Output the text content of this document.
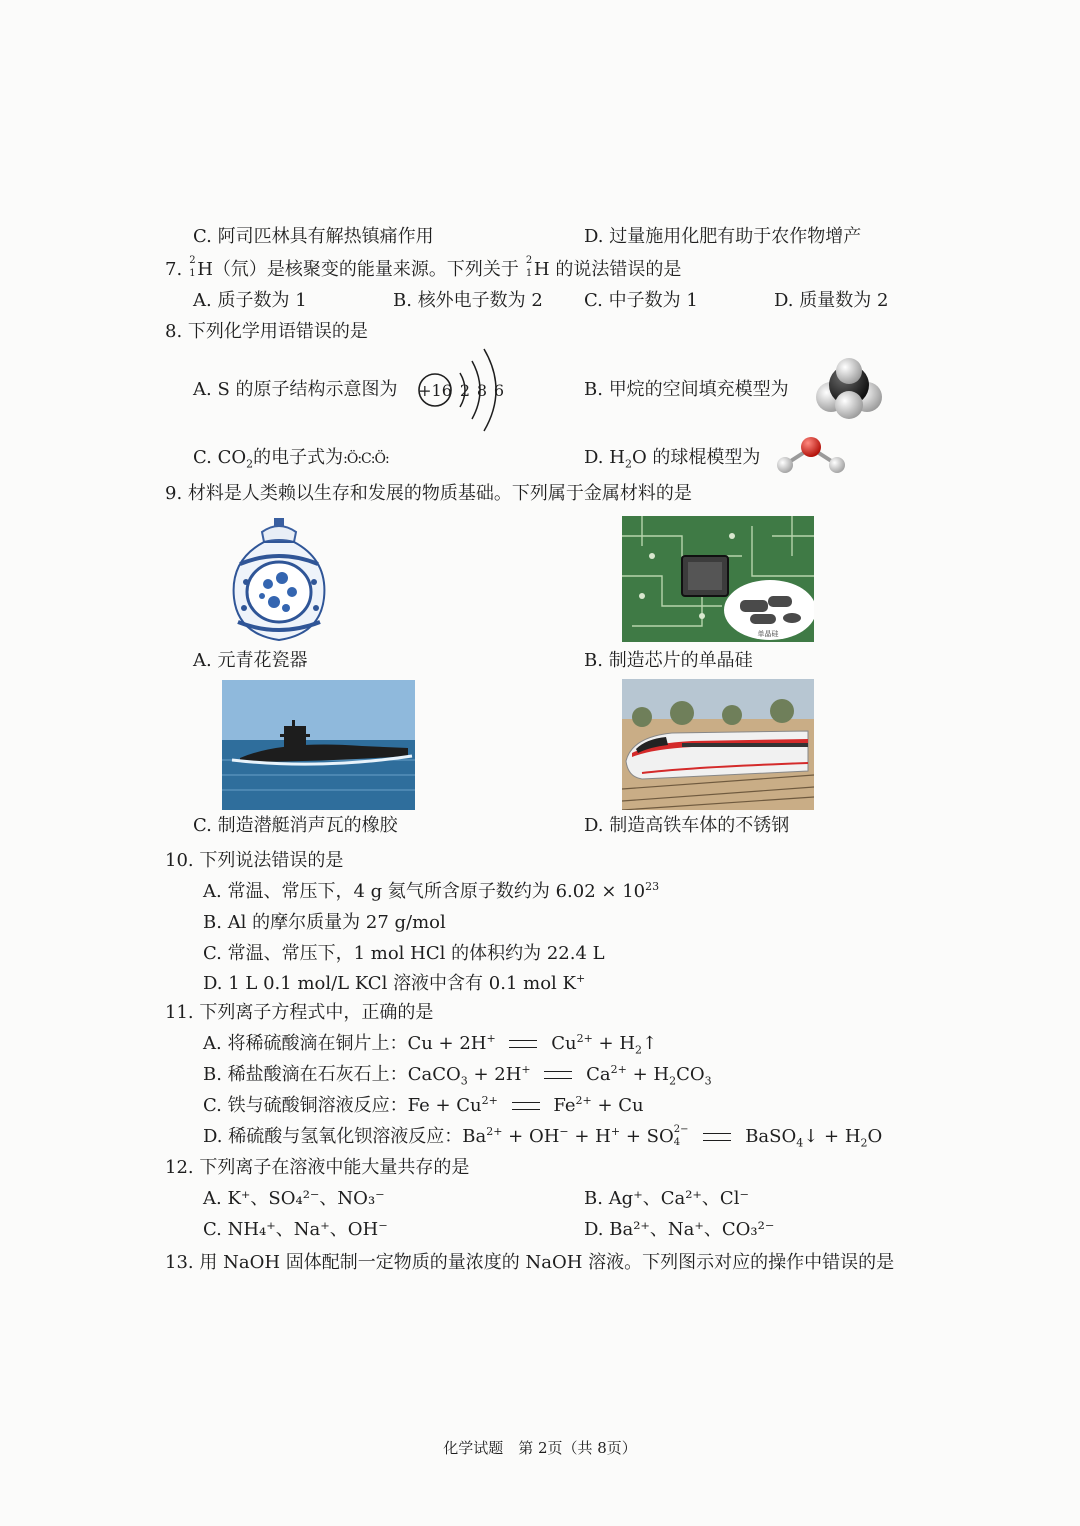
C. 阿司匹林具有解热镇痛作用	D. 过量施用化肥有助于农作物增产
7. 2
1 H（氘）是核聚变的能量来源。下列关于 2
1 H 的说法错误的是
A. 质子数为 1	B. 核外电子数为 2 C. 中子数为 1	D. 质量数为 2
8. 下列化学用语错误的是
A. S 的原子结构示意图为 +16 2 8 6	B. 甲烷的空间填充模型为
C. $CO_2$的电子式为:Ö:C:Ö:	D. $H_2O$ 的球棍模型为
9. 材料是人类赖以生存和发展的物质基础。下列属于金属材料的是
单晶硅
A. 元青花瓷器	B. 制造芯片的单晶硅
C. 制造潜艇消声瓦的橡胶	D. 制造高铁车体的不锈钢
10. 下列说法错误的是
A. 常温、常压下，4 g 氦气所含原子数约为 $6.02 \times 10^{23}$
B. Al 的摩尔质量为 27 g/mol
C. 常温、常压下，1 mol HCl 的体积约为 22.4 L
D. 1 L 0.1 mol/L KCl 溶液中含有 0.1 mol K+
11. 下列离子方程式中，正确的是
A. 将稀硫酸滴在铜片上：Cu + 2H+	$Cu^{2+}$ + $H_2↑$
B. 稀盐酸滴在石灰石上：CaCO$_3$ + 2H+	$Ca^{2+} + H_2CO_3$
C. 铁与硫酸铜溶液反应：$Fe + Cu^{2+}$	$Fe^{2+} + Cu$
D. 稀硫酸与氢氧化钡溶液反应：$Ba^{2+} + OH^- + H^+$ + SO 2−
4	BaSO$_4$↓ + $H_2O$
12. 下列离子在溶液中能大量共存的是
A. K⁺、SO₄²⁻、NO₃⁻	B. Ag⁺、Ca²⁺、Cl⁻
C. NH₄⁺、Na⁺、OH⁻	D. Ba²⁺、Na⁺、CO₃²⁻
13. 用 NaOH 固体配制一定物质的量浓度的 NaOH 溶液。下列图示对应的操作中错误的是
化学试题　第 2页（共 8页）
